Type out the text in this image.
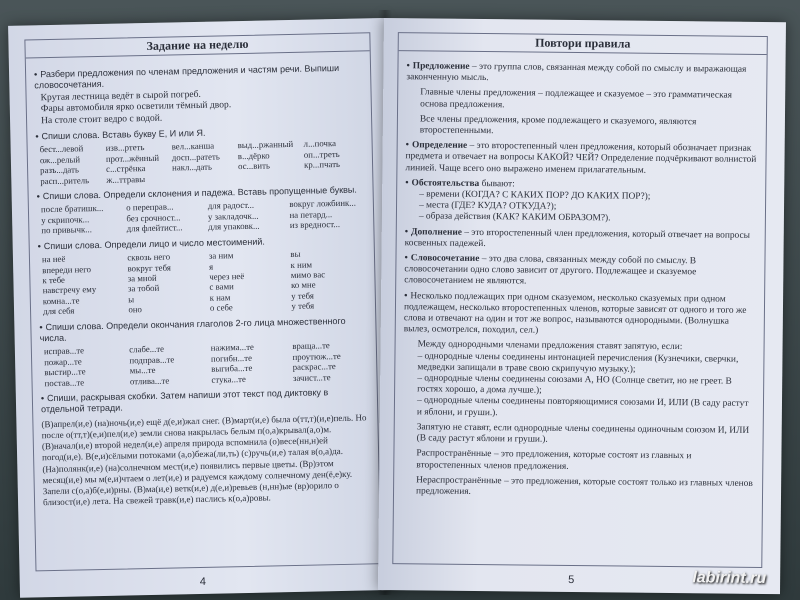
Задание на неделю
• Разбери предложения по членам предложения и частям речи. Выпиши словосочетания.
Крутая лестница ведёт в сырой погреб.
Фары автомобиля ярко осветили тёмный двор.
На столе стоит ведро с водой.
• Спиши слова. Вставь букву Е, И или Я.
бест...левой	изв...ртеть	вел...канша	выд...ржанный	л...почка
ож...релый	прот...жённый	досп...ратеть	в...дёрко	оп...треть
разъ...дать	с...стрёнка	накл...дать	ос...вить	кр...пчать
расп...ритель	ж...ттравы
• Спиши слова. Определи склонения и падежа. Вставь пропущенные буквы.
после братишк...	о переправ...	для радост...	вокруг ложбинк...
у скрипочк...	без срочност...	у закладочк...	на петард...
по привычк...	для флейтист...	для упаковк...	из вредност...
• Спиши слова. Определи лицо и число местоимений.
на неё	сквозь него	за ним	вы
впереди него	вокруг тебя	я	к ним
к тебе	за мной	через неё	мимо вас
навстречу ему	за тобой	с вами	ко мне
комна...те	ы	к нам	у тебя
для себя	оно	о себе	у тебя
• Спиши слова. Определи окончания глаголов 2-го лица множественного числа.
исправ...те	слабе...те	нажима...те	враща...те
пожар...те	подправ...те	погибн...те	проутюж...те
выстир...те	мы...те	выгиба...те	раскрас...те
постав...те	отлива...те	стука...те	зачист...те
• Спиши, раскрывая скобки. Затем напиши этот текст под диктовку в отдельной тетради.
(В)апрел(и,е) (на)ночь(и,е) ещё д(е,и)жал снег. (В)март(и,е) была о(тт,т)(и,е)пель. Но после о(тт,т)(е,и)пел(и,е) земли снова накрылась белым п(о,а)крывал(а,о)м. (В)начал(и,е) второй недел(и,е) апреля природа вспомнила (о)весе(нн,н)ей погод(и,е). В(е,и)сёлыми потоками (а,о)бежа(ли,ть) (с)ручь(и,е) талая в(о,а)да. (На)полянк(и,е) (на)солнечном мест(и,е) появились первые цветы. (Вр)этом месяц(и,е) мы м(е,и)чтаем о лет(и,е) и радуемся каждому солнечному ден(ё,е)ку. Запели с(о,а)б(е,и)рны. (В)ма(и,е) ветк(и,е) д(е,и)ревьев (н,нн)ые (вр)орило о близост(и,е) лета. На свежей травк(и,е) паслись к(о,а)ровы.
4
Повтори правила
• Предложение – это группа слов, связанная между собой по смыслу и выражающая законченную мысль.
Главные члены предложения – подлежащее и сказуемое – это грамматическая основа предложения.
Все члены предложения, кроме подлежащего и сказуемого, являются второстепенными.
• Определение – это второстепенный член предложения, который обозначает признак предмета и отвечает на вопросы КАКОЙ? ЧЕЙ? Определение подчёркивают волнистой линией. Чаще всего оно выражено именем прилагательным.
• Обстоятельства бывают:
– времени (КОГДА? С КАКИХ ПОР? ДО КАКИХ ПОР?);
– места (ГДЕ? КУДА? ОТКУДА?);
– образа действия (КАК? КАКИМ ОБРАЗОМ?).
• Дополнение – это второстепенный член предложения, который отвечает на вопросы косвенных падежей.
• Словосочетание – это два слова, связанных между собой по смыслу. В словосочетании одно слово зависит от другого. Подлежащее и сказуемое словосочетанием не являются.
• Несколько подлежащих при одном сказуемом, несколько сказуемых при одном подлежащем, несколько второстепенных членов, которые зависят от одного и того же слова и отвечают на один и тот же вопрос, называются однородными. (Волнушка вылез, осмотрелся, походил, сел.)
Между однородными членами предложения ставят запятую, если:
– однородные члены соединены интонацией перечисления (Кузнечики, сверчки, медведки запищали в траве свою скрипучую музыку.);
– однородные члены соединены союзами А, НО (Солнце светит, но не греет. В гостях хорошо, а дома лучше.);
– однородные члены соединены повторяющимися союзами И, ИЛИ (В саду растут и яблони, и груши.).
Запятую не ставят, если однородные члены соединены одиночным союзом И, ИЛИ (В саду растут яблони и груши.).
Распространённые – это предложения, которые состоят из главных и второстепенных членов предложения.
Нераспространённые – это предложения, которые состоят только из главных членов предложения.
5	labirint.ru
